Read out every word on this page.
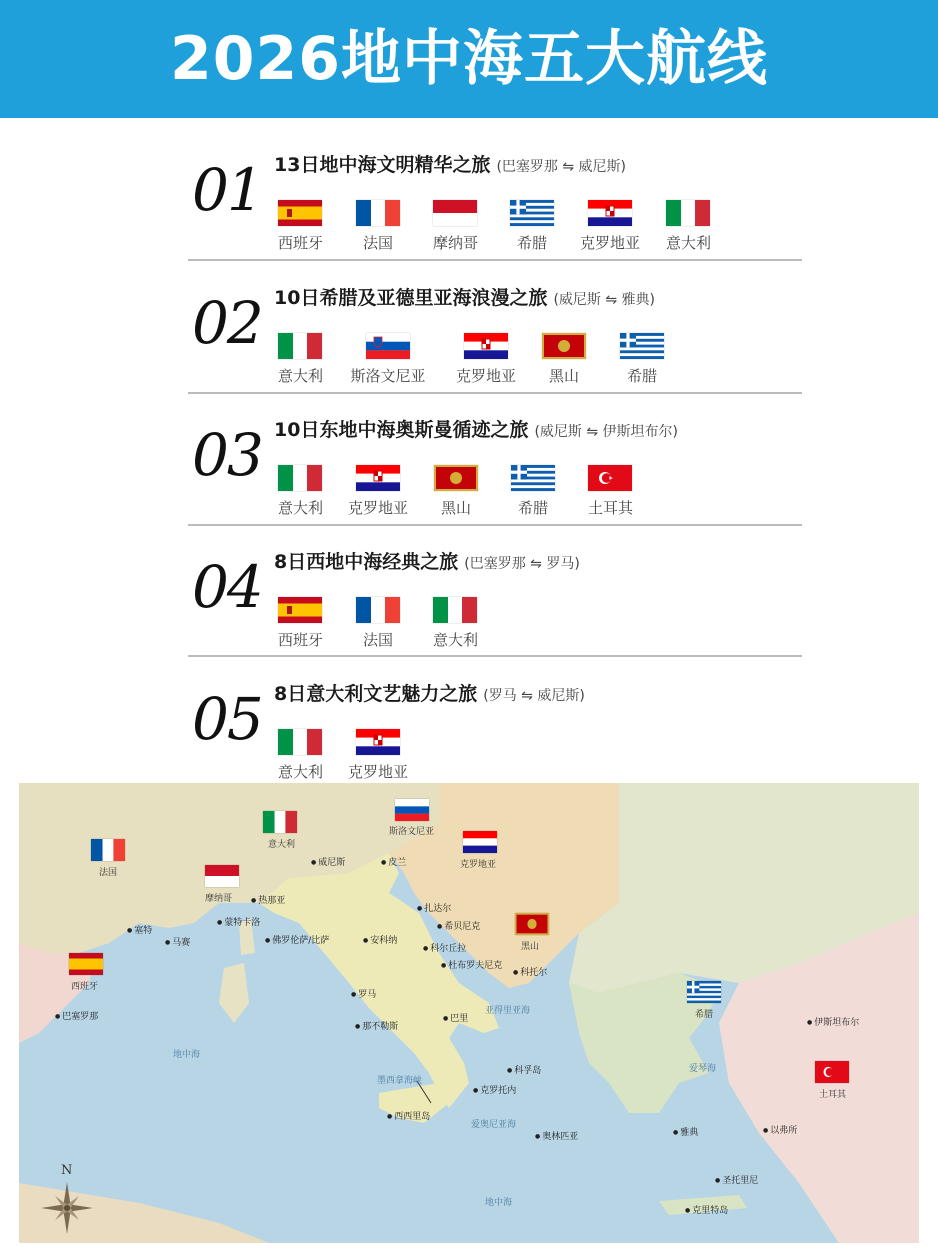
2026地中海五大航线
01 13日地中海文明精华之旅 (巴塞罗那 ⇋ 威尼斯)
西班牙	法国	摩纳哥	希腊	克罗地亚	意大利
02 10日希腊及亚德里亚海浪漫之旅 (威尼斯 ⇋ 雅典)
意大利	斯洛文尼亚	克罗地亚	黑山	希腊
03 10日东地中海奥斯曼循迹之旅 (威尼斯 ⇋ 伊斯坦布尔)
意大利	克罗地亚	黑山	希腊	土耳其
04 8日西地中海经典之旅 (巴塞罗那 ⇋ 罗马)
西班牙	法国	意大利
05 8日意大利文艺魅力之旅 (罗马 ⇋ 威尼斯)
意大利	克罗地亚
法国
意大利
斯洛文尼亚
克罗地亚
摩纳哥
黑山
西班牙
希腊
土耳其
● 威尼斯	● 皮兰
● 热那亚
● 蒙特卡洛
● 塞特
● 马赛	● 佛罗伦萨/比萨	● 安科纳
● 扎达尔
● 希贝尼克
● 科尔丘拉
● 杜布罗夫尼克
● 科托尔
● 罗马
● 巴里
● 那不勒斯
● 巴塞罗那
● 伊斯坦布尔
● 科孚岛
● 克罗托内
● 西西里岛
● 奥林匹亚	● 雅典	● 以弗所
● 圣托里尼
● 克里特岛
地中海
亚得里亚海
爱琴海
墨西拿海峡
爱奥尼亚海
地中海
N
